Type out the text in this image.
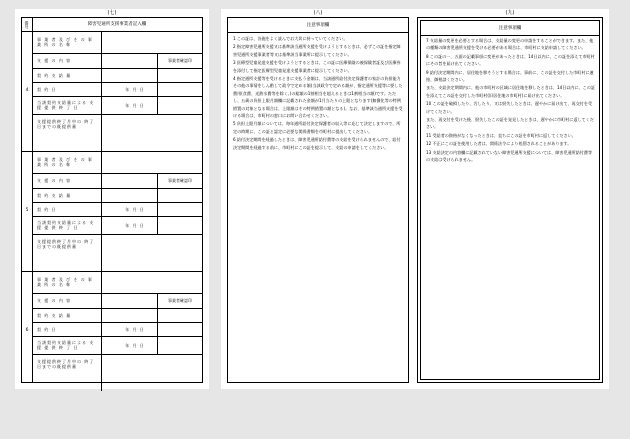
(七)
番号	障害児通所支援事業者記入欄
4
事 業 者 及 び そ の 事 業 所 の 名 称
支 援 の 内 容	事業者確認印
契 約 支 給 量
契 約 日	年 月 日
当該契約支給量による 支 援 提 供 終 了 日	年 月 日
支援提供終了月中の 終了日までの既提供量
5
事 業 者 及 び そ の 事 業 所 の 名 称
支 援 の 内 容	事業者確認印
契 約 支 給 量
契 約 日	年 月 日
当該契約支給量による 支 援 提 供 終 了 日	年 月 日
支援提供終了月中の 終了日までの既提供量
6
事 業 者 及 び そ の 事 業 所 の 名 称
支 援 の 内 容	事業者確認印
契 約 支 給 量
契 約 日	年 月 日
当該契約支給量による 支 援 提 供 終 了 日	年 月 日
支援提供終了月中の 終了日までの既提供量
(八)
注意事項欄

1 この証は、各施をよく読んでお大切に持っていてください。

2 指定障害児通所支援又は基準該当通所支援を受けようとするときは、必ずこの証を指定障害児通所支援事業者等又は基準該当事業所に提示してください。

3 医療型児童発達支援を受けようとするときは、この証に医療保険の被保険者証及び医療券を添付して指定医療型児童発達支援事業者に提示してください。

4 指定通所支援等を受けるときに支払う金額は、当該通所給付決定保護者の家計の負担能力その他の事情をしん酌して政令で定める額(当該政令で定める額が、指定通所支援等に要した費用(食費、光熱水費等を除く。)の総額の1割相当を超えるときは1割相当の額)です。ただし、五歳の負担上限月額欄に記載された金額が1月当たりの上限となります(無償化等の特例措置の対象となる場合は、上限額はその特例措置の額となる)。なお、基準該当通所支援を受ける場合は、市町村の窓口にお問い合わせください。

5 負担上限月額については、毎年通所給付決定保護者の収入等に応じて決定しますので、所定の時期に、この証と認定に必要な関係書類を市町村に提出してください。

6 給付決定期間を経過したときは、障害児通所給付費等の支給を受けられませんので、給付決定期間を経過する前に、市町村にこの証を提示して、支給の申請をしてください。

(九)
注意事項欄

7 支給量の変更を必要とする場合は、支給量の変更の申請をすることができます。また、他の種類の障害児通所支援を受ける必要がある場合は、市町村に支給申請してください。

8 この証の一、五面の記載事項に変更があったときは、14日以内に、この証を添えて市町村にその旨を届け出てください。

9 給付決定期間内に、居住地を移そうとする場合は、事前に、この証を交付した市町村に連絡、御相談ください。

また、支給決定期間内に、他の市町村の区域に居住地を移したときは、14日以内に、この証を添えてこの証を交付した市町村(旧居住地の市町村)に届け出てください。

10 この証を破損したり、汚したり、又は紛失したときは、遅やかに届け出て、再交付を受けてください。

また、再交付を受けた後、紛失したこの証を発見したときは、遅やかに市町村に返してください。

11 受給者の資格がなくなったときは、直ちにこの証を市町村に返してください。

12 不正にこの証を使用した者は、関係法令により処罰されることがあります。

13 支給決定の内容欄に記載されていない障害児通所支援については、障害児通所給付費等の支給は受けられません。
